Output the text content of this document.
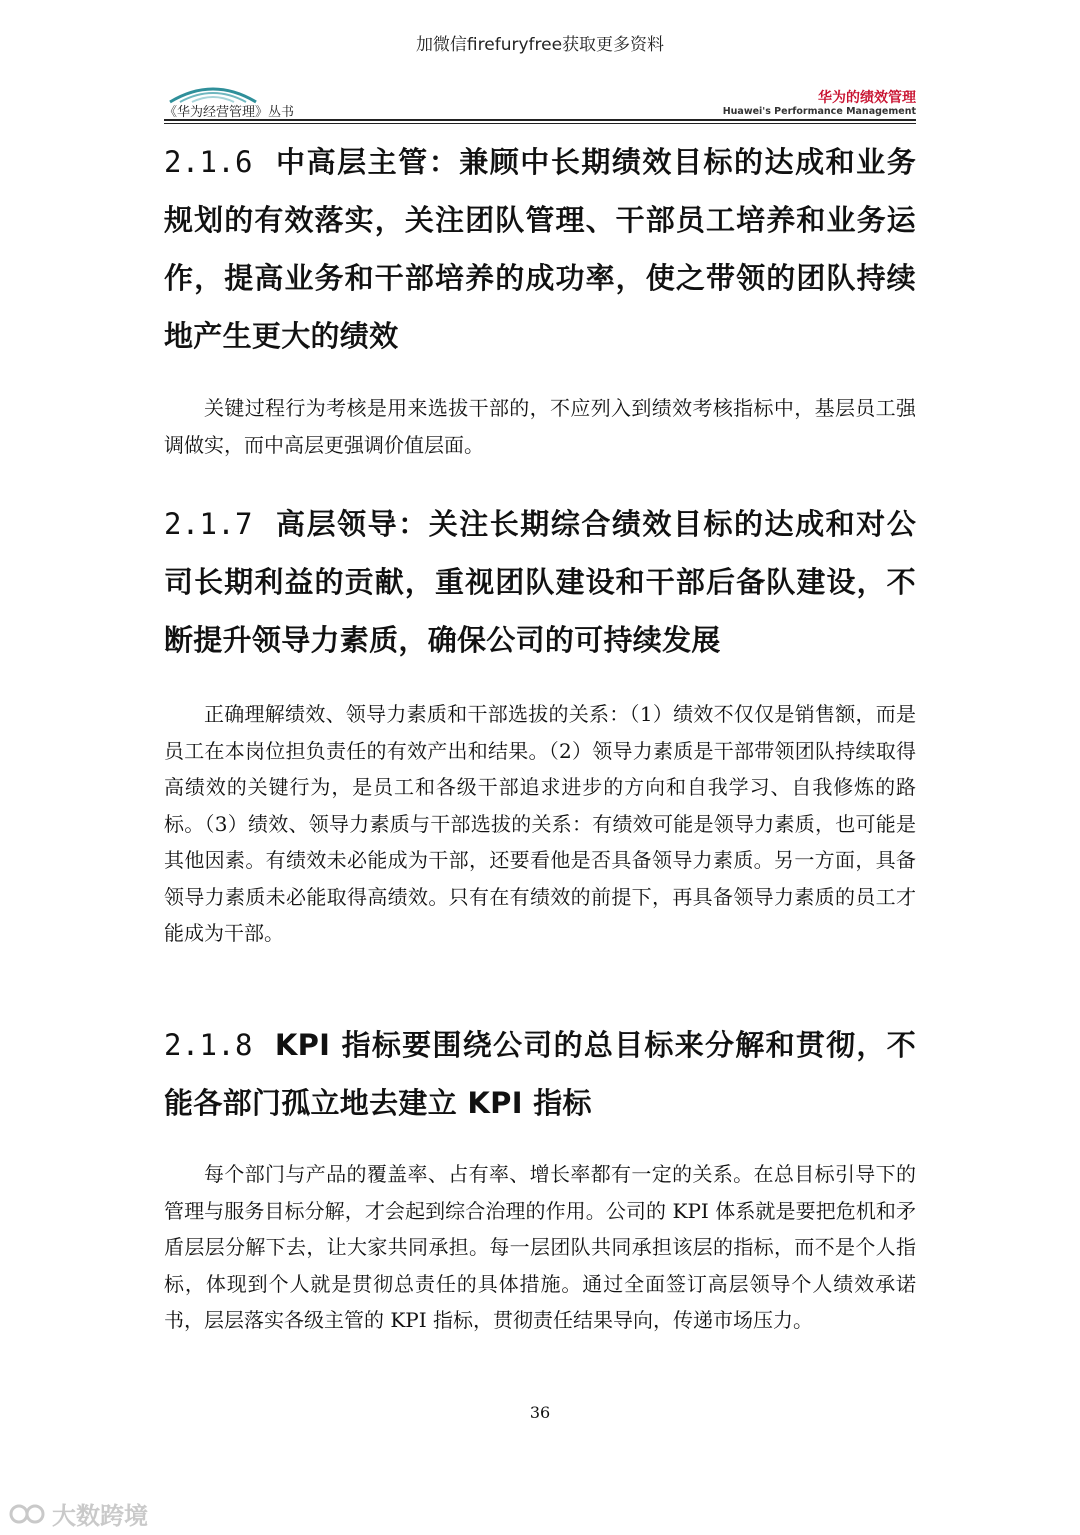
加微信firefuryfree获取更多资料
《华为经营管理》丛书
华为的绩效管理
Huawei's Performance Management
2.1.6 中高层主管：兼顾中长期绩效目标的达成和业务规划的有效落实，关注团队管理、干部员工培养和业务运作，提高业务和干部培养的成功率，使之带领的团队持续地产生更大的绩效

关键过程行为考核是用来选拔干部的，不应列入到绩效考核指标中，基层员工强调做实，而中高层更强调价值层面。

2.1.7 高层领导：关注长期综合绩效目标的达成和对公司长期利益的贡献，重视团队建设和干部后备队建设，不断提升领导力素质，确保公司的可持续发展

正确理解绩效、领导力素质和干部选拔的关系：（1）绩效不仅仅是销售额，而是员工在本岗位担负责任的有效产出和结果。（2）领导力素质是干部带领团队持续取得高绩效的关键行为，是员工和各级干部追求进步的方向和自我学习、自我修炼的路标。（3）绩效、领导力素质与干部选拔的关系：有绩效可能是领导力素质，也可能是其他因素。有绩效未必能成为干部，还要看他是否具备领导力素质。另一方面，具备领导力素质未必能取得高绩效。只有在有绩效的前提下，再具备领导力素质的员工才能成为干部。

2.1.8 KPI 指标要围绕公司的总目标来分解和贯彻，不能各部门孤立地去建立 KPI 指标

每个部门与产品的覆盖率、占有率、增长率都有一定的关系。在总目标引导下的管理与服务目标分解，才会起到综合治理的作用。公司的 KPI 体系就是要把危机和矛盾层层分解下去，让大家共同承担。每一层团队共同承担该层的指标，而不是个人指标，体现到个人就是贯彻总责任的具体措施。通过全面签订高层领导个人绩效承诺书，层层落实各级主管的 KPI 指标，贯彻责任结果导向，传递市场压力。

36
大数跨境
